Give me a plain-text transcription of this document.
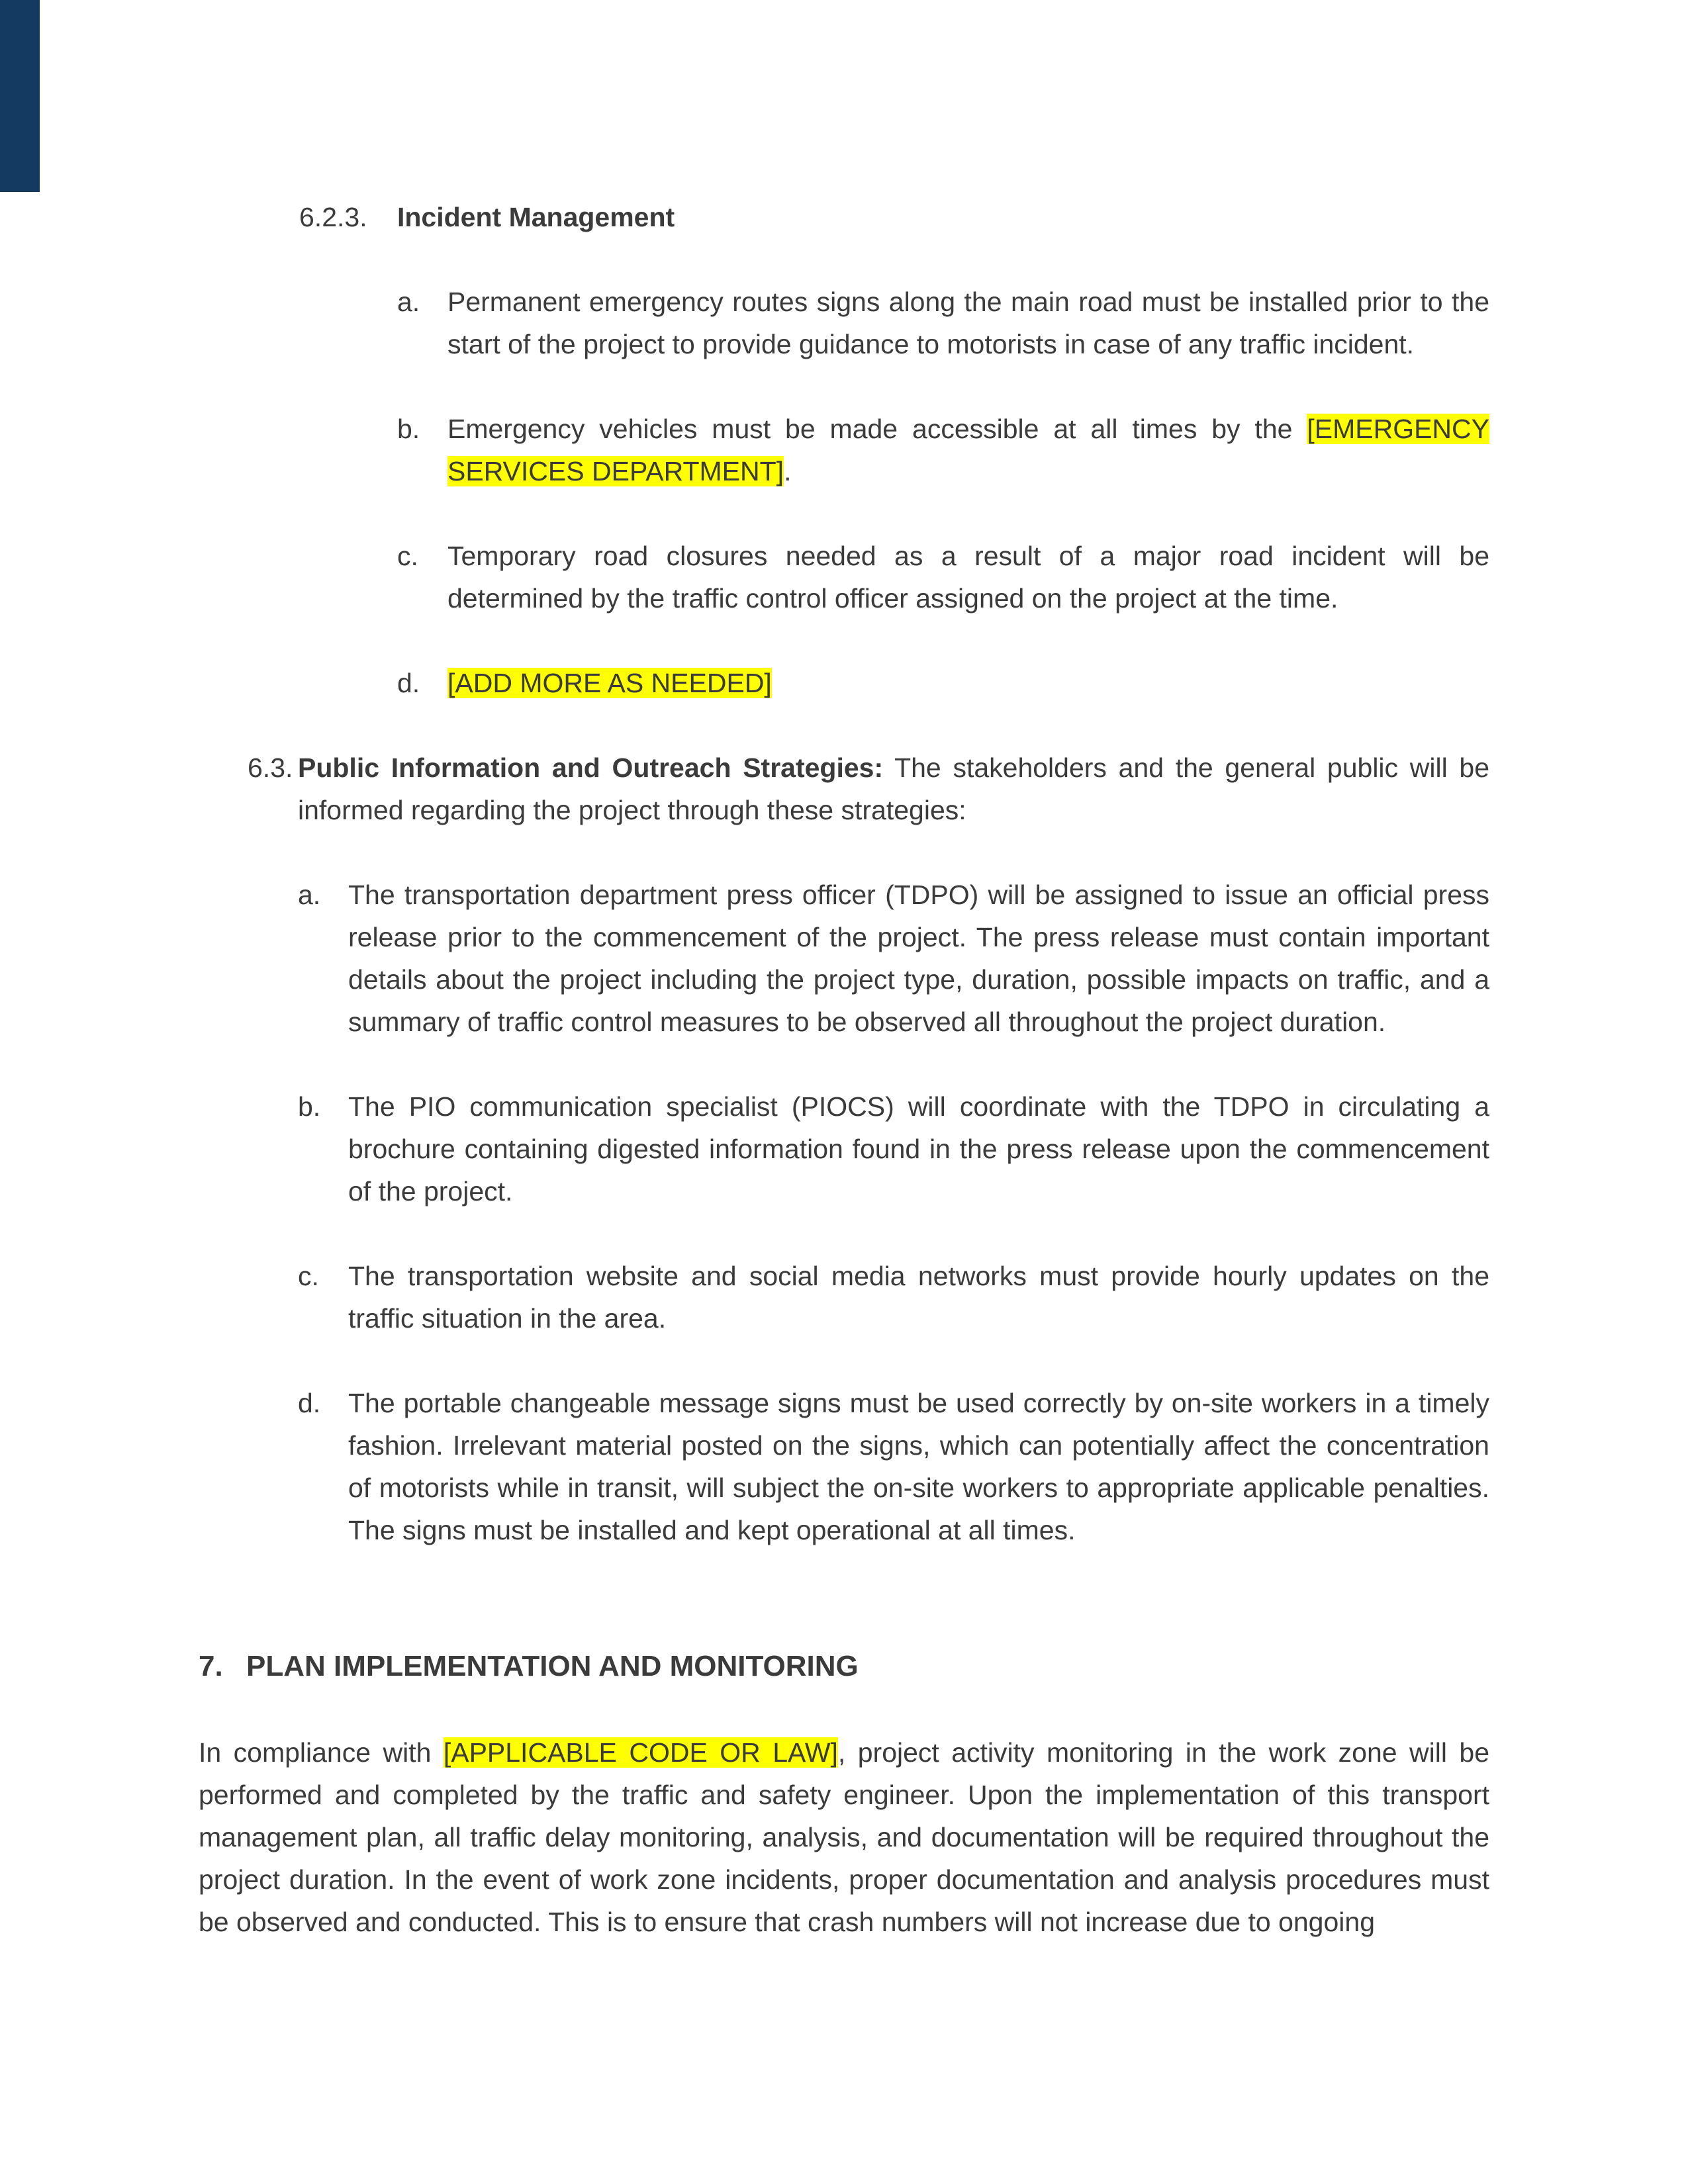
6.2.3. Incident Management
a. Permanent emergency routes signs along the main road must be installed prior to the start of the project to provide guidance to motorists in case of any traffic incident.
b. Emergency vehicles must be made accessible at all times by the [EMERGENCY SERVICES DEPARTMENT].
c. Temporary road closures needed as a result of a major road incident will be determined by the traffic control officer assigned on the project at the time.
d. [ADD MORE AS NEEDED]
6.3. Public Information and Outreach Strategies: The stakeholders and the general public will be informed regarding the project through these strategies:
a. The transportation department press officer (TDPO) will be assigned to issue an official press release prior to the commencement of the project. The press release must contain important details about the project including the project type, duration, possible impacts on traffic, and a summary of traffic control measures to be observed all throughout the project duration.
b. The PIO communication specialist (PIOCS) will coordinate with the TDPO in circulating a brochure containing digested information found in the press release upon the commencement of the project.
c. The transportation website and social media networks must provide hourly updates on the traffic situation in the area.
d. The portable changeable message signs must be used correctly by on-site workers in a timely fashion. Irrelevant material posted on the signs, which can potentially affect the concentration of motorists while in transit, will subject the on-site workers to appropriate applicable penalties. The signs must be installed and kept operational at all times.
7. PLAN IMPLEMENTATION AND MONITORING
In compliance with [APPLICABLE CODE OR LAW], project activity monitoring in the work zone will be performed and completed by the traffic and safety engineer. Upon the implementation of this transport management plan, all traffic delay monitoring, analysis, and documentation will be required throughout the project duration. In the event of work zone incidents, proper documentation and analysis procedures must be observed and conducted. This is to ensure that crash numbers will not increase due to ongoing
